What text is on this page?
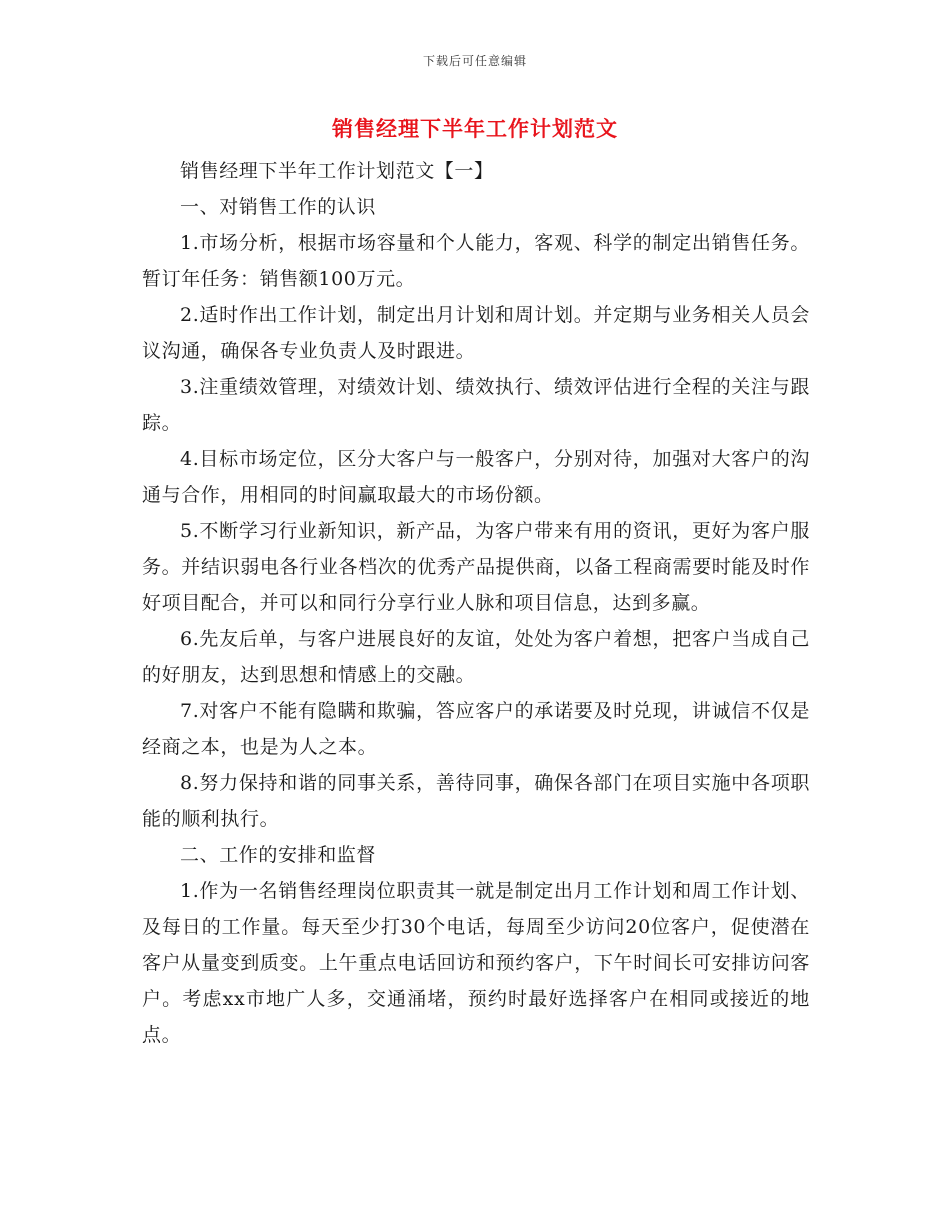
下载后可任意编辑
销售经理下半年工作计划范文

销售经理下半年工作计划范文【一】

一、对销售工作的认识

1.市场分析，根据市场容量和个人能力，客观、科学的制定出销售任务。暂订年任务：销售额100万元。

2.适时作出工作计划，制定出月计划和周计划。并定期与业务相关人员会议沟通，确保各专业负责人及时跟进。

3.注重绩效管理，对绩效计划、绩效执行、绩效评估进行全程的关注与跟踪。

4.目标市场定位，区分大客户与一般客户，分别对待，加强对大客户的沟通与合作，用相同的时间赢取最大的市场份额。

5.不断学习行业新知识，新产品，为客户带来有用的资讯，更好为客户服务。并结识弱电各行业各档次的优秀产品提供商，以备工程商需要时能及时作好项目配合，并可以和同行分享行业人脉和项目信息，达到多赢。

6.先友后单，与客户进展良好的友谊，处处为客户着想，把客户当成自己的好朋友，达到思想和情感上的交融。

7.对客户不能有隐瞒和欺骗，答应客户的承诺要及时兑现，讲诚信不仅是经商之本，也是为人之本。

8.努力保持和谐的同事关系，善待同事，确保各部门在项目实施中各项职能的顺利执行。

二、工作的安排和监督

1.作为一名销售经理岗位职责其一就是制定出月工作计划和周工作计划、及每日的工作量。每天至少打30个电话，每周至少访问20位客户，促使潜在客户从量变到质变。上午重点电话回访和预约客户，下午时间长可安排访问客户。考虑xx市地广人多，交通涌堵，预约时最好选择客户在相同或接近的地点。
